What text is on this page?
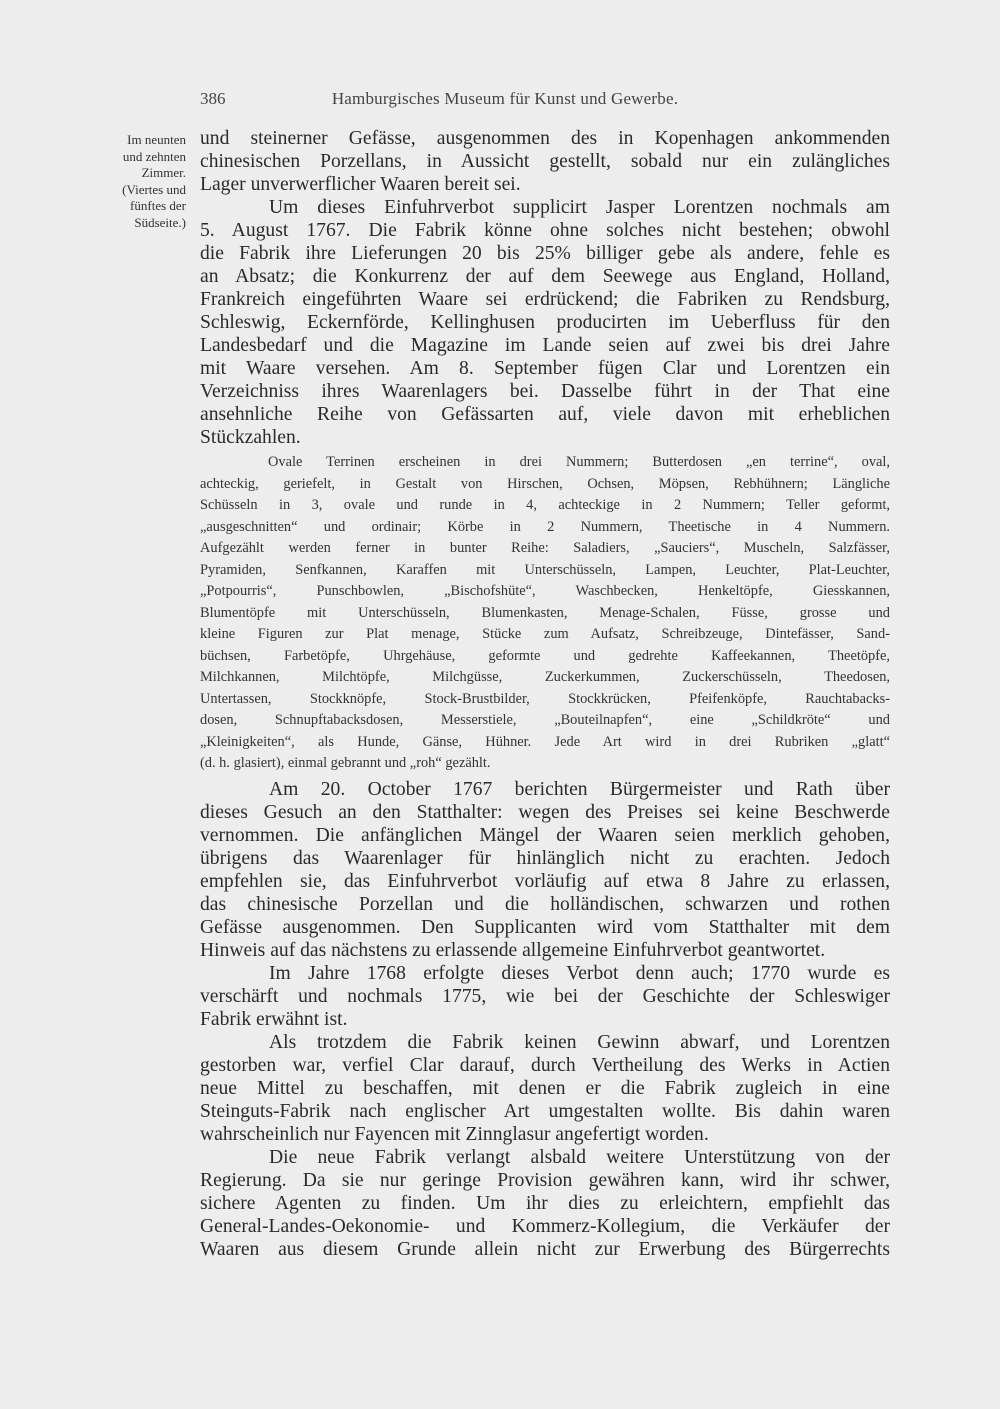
386	Hamburgisches Museum für Kunst und Gewerbe.
Im neunten
und zehnten
Zimmer.
(Viertes und
fünftes der
Südseite.)
und steinerner Gefässe, ausgenommen des in Kopenhagen ankommenden
chinesischen Porzellans, in Aussicht gestellt, sobald nur ein zulängliches
Lager unverwerflicher Waaren bereit sei.
Um dieses Einfuhrverbot supplicirt Jasper Lorentzen nochmals am
5. August 1767. Die Fabrik könne ohne solches nicht bestehen; obwohl
die Fabrik ihre Lieferungen 20 bis 25% billiger gebe als andere, fehle es
an Absatz; die Konkurrenz der auf dem Seewege aus England, Holland,
Frankreich eingeführten Waare sei erdrückend; die Fabriken zu Rendsburg,
Schleswig, Eckernförde, Kellinghusen producirten im Ueberfluss für den
Landesbedarf und die Magazine im Lande seien auf zwei bis drei Jahre
mit Waare versehen. Am 8. September fügen Clar und Lorentzen ein
Verzeichniss ihres Waarenlagers bei. Dasselbe führt in der That eine
ansehnliche Reihe von Gefässarten auf, viele davon mit erheblichen
Stückzahlen.
Ovale Terrinen erscheinen in drei Nummern; Butterdosen „en terrine“, oval,
achteckig, geriefelt, in Gestalt von Hirschen, Ochsen, Möpsen, Rebhühnern; Längliche
Schüsseln in 3, ovale und runde in 4, achteckige in 2 Nummern; Teller geformt,
„ausgeschnitten“ und ordinair; Körbe in 2 Nummern, Theetische in 4 Nummern.
Aufgezählt werden ferner in bunter Reihe: Saladiers, „Sauciers“, Muscheln, Salzfässer,
Pyramiden, Senfkannen, Karaffen mit Unterschüsseln, Lampen, Leuchter, Plat-Leuchter,
„Potpourris“, Punschbowlen, „Bischofshüte“, Waschbecken, Henkeltöpfe, Giesskannen,
Blumentöpfe mit Unterschüsseln, Blumenkasten, Menage-Schalen, Füsse, grosse und
kleine Figuren zur Plat menage, Stücke zum Aufsatz, Schreibzeuge, Dintefässer, Sand-
büchsen, Farbetöpfe, Uhrgehäuse, geformte und gedrehte Kaffeekannen, Theetöpfe,
Milchkannen, Milchtöpfe, Milchgüsse, Zuckerkummen, Zuckerschüsseln, Theedosen,
Untertassen, Stockknöpfe, Stock-Brustbilder, Stockkrücken, Pfeifenköpfe, Rauchtabacks-
dosen, Schnupftabacksdosen, Messerstiele, „Bouteilnapfen“, eine „Schildkröte“ und
„Kleinigkeiten“, als Hunde, Gänse, Hühner. Jede Art wird in drei Rubriken „glatt“
(d. h. glasiert), einmal gebrannt und „roh“ gezählt.
Am 20. October 1767 berichten Bürgermeister und Rath über
dieses Gesuch an den Statthalter: wegen des Preises sei keine Beschwerde
vernommen. Die anfänglichen Mängel der Waaren seien merklich gehoben,
übrigens das Waarenlager für hinlänglich nicht zu erachten. Jedoch
empfehlen sie, das Einfuhrverbot vorläufig auf etwa 8 Jahre zu erlassen,
das chinesische Porzellan und die holländischen, schwarzen und rothen
Gefässe ausgenommen. Den Supplicanten wird vom Statthalter mit dem
Hinweis auf das nächstens zu erlassende allgemeine Einfuhrverbot geantwortet.
Im Jahre 1768 erfolgte dieses Verbot denn auch; 1770 wurde es
verschärft und nochmals 1775, wie bei der Geschichte der Schleswiger
Fabrik erwähnt ist.
Als trotzdem die Fabrik keinen Gewinn abwarf, und Lorentzen
gestorben war, verfiel Clar darauf, durch Vertheilung des Werks in Actien
neue Mittel zu beschaffen, mit denen er die Fabrik zugleich in eine
Steinguts-Fabrik nach englischer Art umgestalten wollte. Bis dahin waren
wahrscheinlich nur Fayencen mit Zinnglasur angefertigt worden.
Die neue Fabrik verlangt alsbald weitere Unterstützung von der
Regierung. Da sie nur geringe Provision gewähren kann, wird ihr schwer,
sichere Agenten zu finden. Um ihr dies zu erleichtern, empfiehlt das
General-Landes-Oekonomie- und Kommerz-Kollegium, die Verkäufer der
Waaren aus diesem Grunde allein nicht zur Erwerbung des Bürgerrechts
